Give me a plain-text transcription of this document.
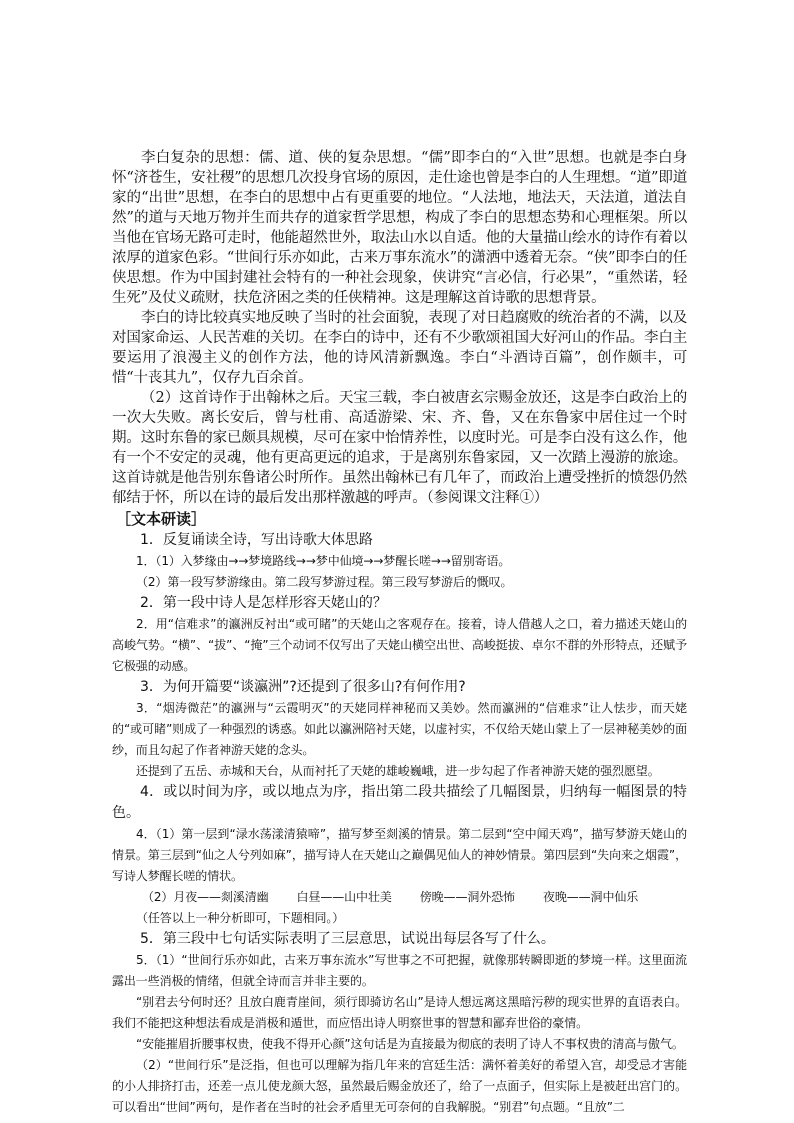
李白复杂的思想：儒、道、侠的复杂思想。“儒”即李白的“入世”思想。也就是李白身怀“济苍生，安社稷”的思想几次投身官场的原因，走仕途也曾是李白的人生理想。“道”即道家的“出世”思想，在李白的思想中占有更重要的地位。“人法地，地法天，天法道，道法自然”的道与天地万物并生而共存的道家哲学思想，构成了李白的思想态势和心理框架。所以当他在官场无路可走时，他能超然世外，取法山水以自适。他的大量描山绘水的诗作有着以浓厚的道家色彩。“世间行乐亦如此，古来万事东流水”的潇洒中透着无奈。“侠”即李白的任侠思想。作为中国封建社会特有的一种社会现象，侠讲究“言必信，行必果”，“重然诺，轻生死”及仗义疏财，扶危济困之类的任侠精神。这是理解这首诗歌的思想背景。

李白的诗比较真实地反映了当时的社会面貌，表现了对日趋腐败的统治者的不满，以及对国家命运、人民苦难的关切。在李白的诗中，还有不少歌颂祖国大好河山的作品。李白主要运用了浪漫主义的创作方法，他的诗风清新飘逸。李白“斗酒诗百篇”，创作颇丰，可惜“十丧其九”，仅存九百余首。

（2）这首诗作于出翰林之后。天宝三载，李白被唐玄宗赐金放还，这是李白政治上的一次大失败。离长安后，曾与杜甫、高适游梁、宋、齐、鲁，又在东鲁家中居住过一个时期。这时东鲁的家已颇具规模，尽可在家中怡情养性，以度时光。可是李白没有这么作，他有一个不安定的灵魂，他有更高更远的追求，于是离别东鲁家园，又一次踏上漫游的旅途。这首诗就是他告别东鲁诸公时所作。虽然出翰林已有几年了，而政治上遭受挫折的愤怨仍然郁结于怀，所以在诗的最后发出那样激越的呼声。（参阅课文注释①）

［文本研读］

1．反复诵读全诗，写出诗歌大体思路

1．（1）入梦缘由→→梦境路线→→梦中仙境→→梦醒长嗟→→留别寄语。

（2）第一段写梦游缘由。第二段写梦游过程。第三段写梦游后的慨叹。

2．第一段中诗人是怎样形容天姥山的？

2．用“信难求”的瀛洲反衬出“或可睹”的天姥山之客观存在。接着，诗人借越人之口，着力描述天姥山的高峻气势。“横”、“拔”、“掩”三个动词不仅写出了天姥山横空出世、高峻挺拔、卓尔不群的外形特点，还赋予它极强的动感。

3．为何开篇要“谈瀛洲”?还提到了很多山?有何作用?

3．“烟涛微茫”的瀛洲与“云霞明灭”的天姥同样神秘而又美妙。然而瀛洲的“信难求”让人怯步，而天姥的“或可睹”则成了一种强烈的诱惑。如此以瀛洲陪衬天姥，以虚衬实，不仅给天姥山蒙上了一层神秘美妙的面纱，而且勾起了作者神游天姥的念头。

还提到了五岳、赤城和天台，从而衬托了天姥的雄峻巍峨，进一步勾起了作者神游天姥的强烈愿望。

4．或以时间为序，或以地点为序，指出第二段共描绘了几幅图景，归纳每一幅图景的特色。

4．（1）第一层到“渌水荡漾清猿啼”，描写梦至剡溪的情景。第二层到“空中闻天鸡”，描写梦游天姥山的情景。第三层到“仙之人兮列如麻”，描写诗人在天姥山之巅偶见仙人的神妙情景。第四层到“失向来之烟霞”，写诗人梦醒长嗟的情状。

（2）月夜——剡溪清幽 白昼——山中壮美 傍晚——洞外恐怖 夜晚——洞中仙乐

（任答以上一种分析即可，下题相同。）

5．第三段中七句话实际表明了三层意思，试说出每层各写了什么。

5．（1）“世间行乐亦如此，古来万事东流水”写世事之不可把握，就像那转瞬即逝的梦境一样。这里面流露出一些消极的情绪，但就全诗而言并非主要的。

“别君去兮何时还？且放白鹿青崖间，须行即骑访名山”是诗人想远离这黑暗污秽的现实世界的直语表白。我们不能把这种想法看成是消极和遁世，而应悟出诗人明察世事的智慧和鄙弃世俗的豪情。

“安能摧眉折腰事权贵，使我不得开心颜”这句话是为直接最为彻底的表明了诗人不事权贵的清高与傲气。

（2）“世间行乐”是泛指，但也可以理解为指几年来的宫廷生活：满怀着美好的希望入宫，却受忌才害能的小人排挤打击，还差一点儿使龙颜大怒，虽然最后赐金放还了，给了一点面子，但实际上是被赶出宫门的。可以看出“世间”两句，是作者在当时的社会矛盾里无可奈何的自我解脱。“别君”句点题。“且放”二
